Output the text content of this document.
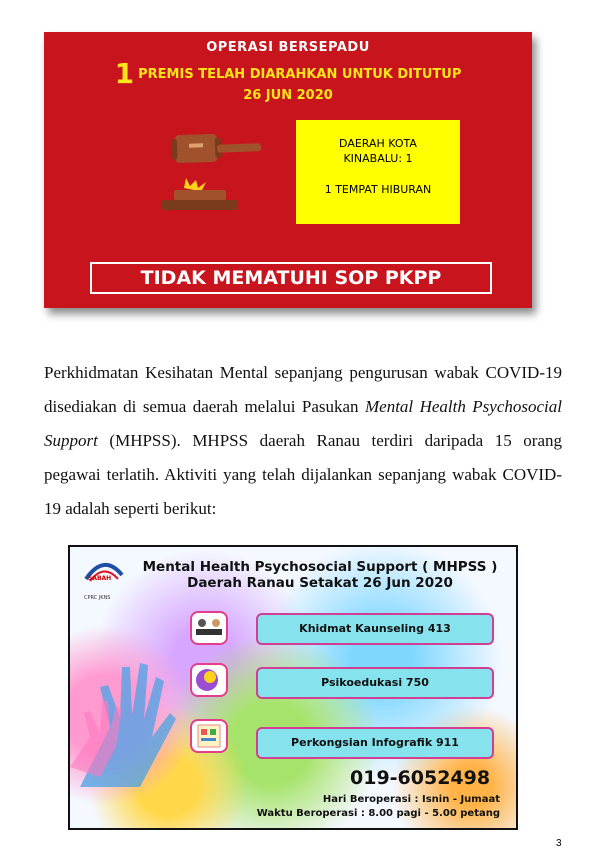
OPERASI BERSEPADU
1 PREMIS TELAH DIARAHKAN UNTUK DITUTUP
26 JUN 2020
DAERAH KOTA
KINABALU: 1
1 TEMPAT HIBURAN
TIDAK MEMATUHI SOP PKPP
Perkhidmatan Kesihatan Mental sepanjang pengurusan wabak COVID-19 disediakan di semua daerah melalui Pasukan Mental Health Psychosocial Support (MHPSS). MHPSS daerah Ranau terdiri daripada 15 orang pegawai terlatih. Aktiviti yang telah dijalankan sepanjang wabak COVID-19 adalah seperti berikut:
SABAH
CPRC JKNS
Mental Health Psychosocial Support ( MHPSS )
Daerah Ranau Setakat 26 Jun 2020
Khidmat Kaunseling 413
Psikoedukasi 750
Perkongsian Infografik 911
019-6052498
Hari Beroperasi : Isnin - Jumaat
Waktu Beroperasi : 8.00 pagi - 5.00 petang
3
